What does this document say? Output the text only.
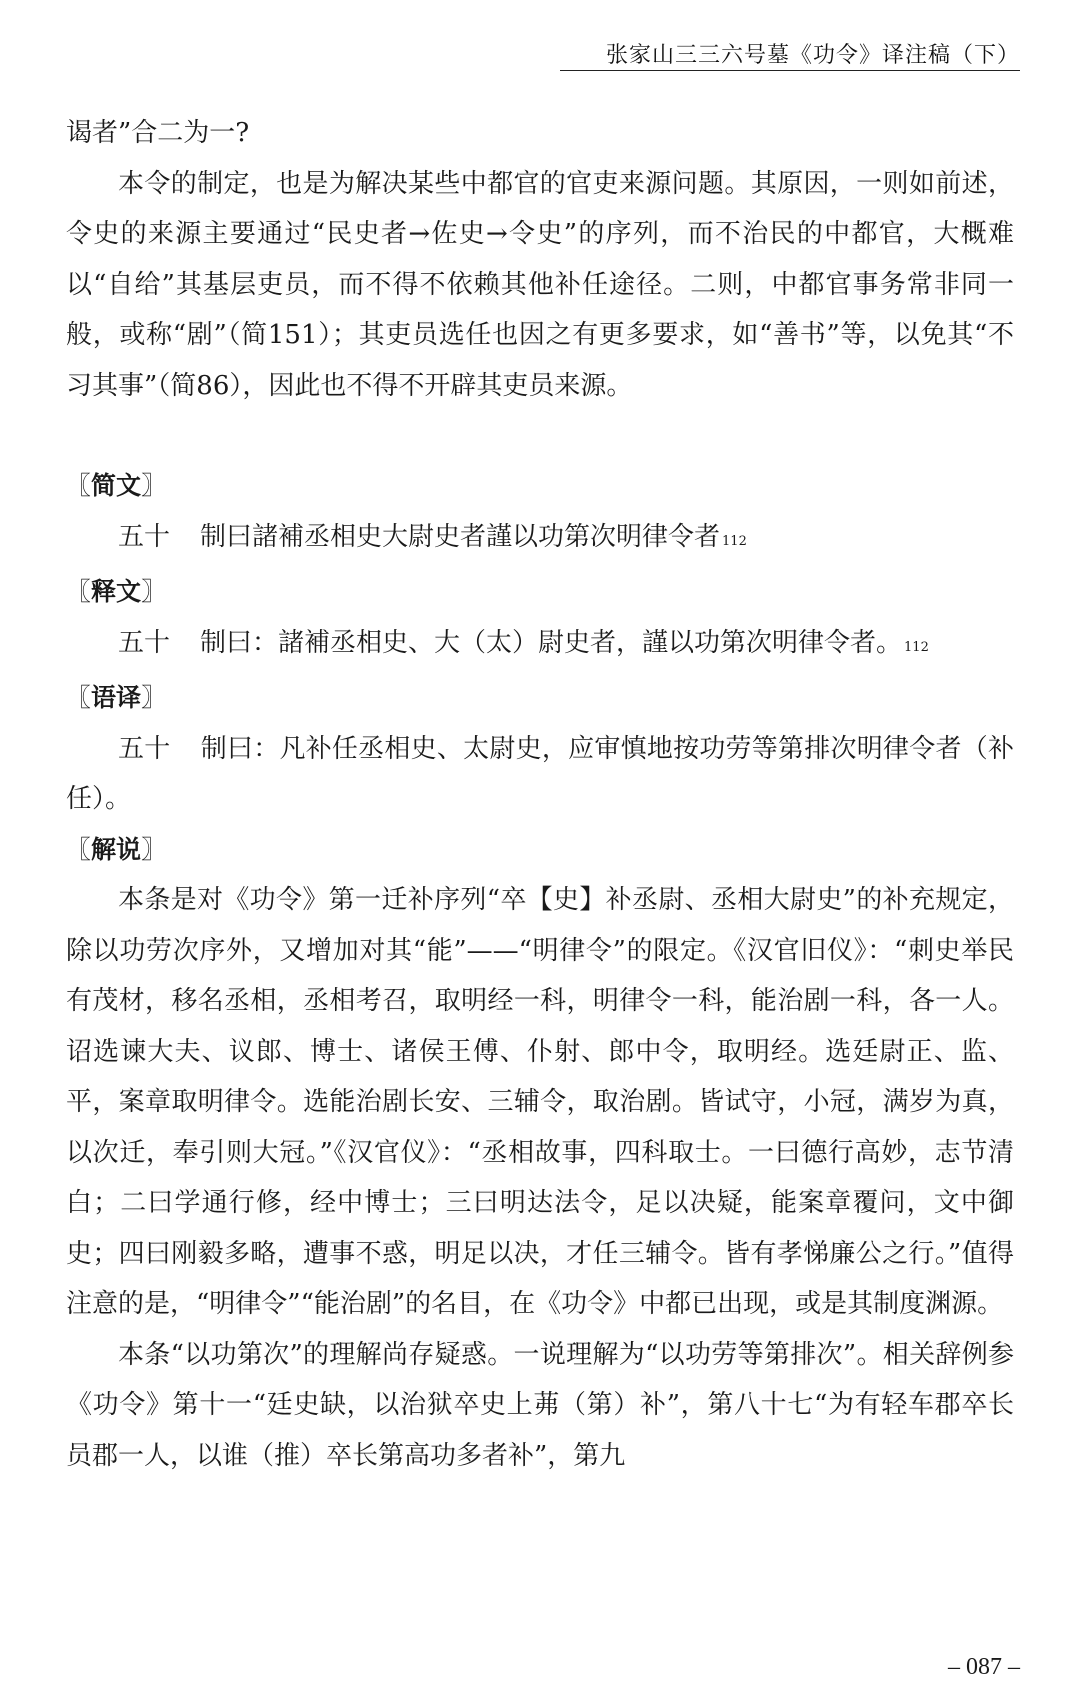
张家山三三六号墓《功令》译注稿（下）

谒者”合二为一?

本令的制定，也是为解决某些中都官的官吏来源问题。其原因，一则如前述，令史的来源主要通过“民史者→佐史→令史”的序列，而不治民的中都官，大概难以“自给”其基层吏员，而不得不依赖其他补任途径。二则，中都官事务常非同一般，或称“剧”（简151）；其吏员选任也因之有更多要求，如“善书”等，以免其“不习其事”（简86），因此也不得不开辟其吏员来源。

〖简文〗

五十 制曰諸補丞相史大尉史者謹以功第次明律令者 112

〖释文〗

五十 制曰：諸補丞相史、大（太）尉史者，謹以功第次明律令者。 112

〖语译〗

五十 制曰：凡补任丞相史、太尉史，应审慎地按功劳等第排次明律令者（补任）。

〖解说〗

本条是对《功令》第一迁补序列“卒【史】补丞尉、丞相大尉史”的补充规定，除以功劳次序外，又增加对其“能”——“明律令”的限定。《汉官旧仪》：“刺史举民有茂材，移名丞相，丞相考召，取明经一科，明律令一科，能治剧一科，各一人。诏选谏大夫、议郎、博士、诸侯王傅、仆射、郎中令，取明经。选廷尉正、监、平，案章取明律令。选能治剧长安、三辅令，取治剧。皆试守，小冠，满岁为真，以次迁，奉引则大冠。”《汉官仪》：“丞相故事，四科取士。一曰德行高妙，志节清白；二曰学通行修，经中博士；三曰明达法令，足以决疑，能案章覆问，文中御史；四曰刚毅多略，遭事不惑，明足以决，才任三辅令。皆有孝悌廉公之行。”值得注意的是，“明律令”“能治剧”的名目，在《功令》中都已出现，或是其制度渊源。

本条“以功第次”的理解尚存疑惑。一说理解为“以功劳等第排次”。相关辞例参《功令》第十一“廷史缺，以治狱卒史上茀（第）补”，第八十七“为有轻车郡卒长员郡一人，以谁（推）卒长第高功多者补”，第九

– 087 –
